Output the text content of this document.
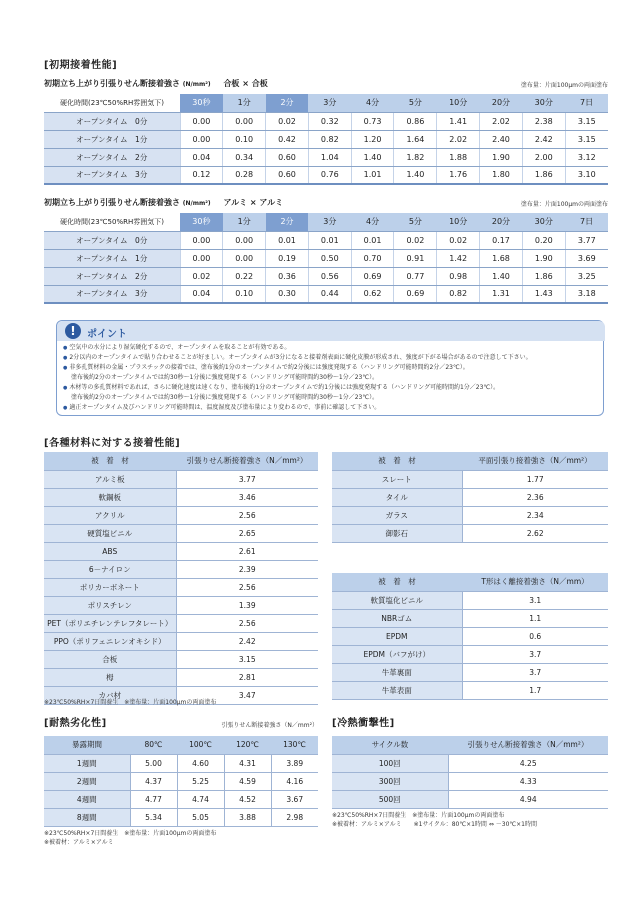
[初期接着性能]
初期立ち上がり引張りせん断接着強さ (N/mm²) 合板 × 合板	塗布量：片面100μmの両面塗布
硬化時間(23℃50%RH雰囲気下)	30秒	1分	2分	3分	4分	5分	10分	20分	30分	7日
オープンタイム　0分	0.00	0.00	0.02	0.32	0.73	0.86	1.41	2.02	2.38	3.15
オープンタイム　1分	0.00	0.10	0.42	0.82	1.20	1.64	2.02	2.40	2.42	3.15
オープンタイム　2分	0.04	0.34	0.60	1.04	1.40	1.82	1.88	1.90	2.00	3.12
オープンタイム　3分	0.12	0.28	0.60	0.76	1.01	1.40	1.76	1.80	1.86	3.10
初期立ち上がり引張りせん断接着強さ (N/mm²) アルミ × アルミ	塗布量：片面100μmの両面塗布
硬化時間(23℃50%RH雰囲気下)	30秒	1分	2分	3分	4分	5分	10分	20分	30分	7日
オープンタイム　0分	0.00	0.00	0.01	0.01	0.01	0.02	0.02	0.17	0.20	3.77
オープンタイム　1分	0.00	0.00	0.19	0.50	0.70	0.91	1.42	1.68	1.90	3.69
オープンタイム　2分	0.02	0.22	0.36	0.56	0.69	0.77	0.98	1.40	1.86	3.25
オープンタイム　3分	0.04	0.10	0.30	0.44	0.62	0.69	0.82	1.31	1.43	3.18
!	ポイント
● 空気中の水分により湿気硬化するので、オープンタイムを取ることが有効である。
● 2分以内のオープンタイムで貼り合わせることが好ましい。オープンタイムが3分になると接着剤表面に硬化皮膜が形成され、強度が下がる場合があるので注意して下さい。
● 非多孔質材料の金属・プラスチックの接着では、塗布後約1分のオープンタイムで約2分後には強度発現する（ハンドリング可能時間約2分／23℃）。
塗布後約2分のオープンタイムでは約30秒～1分後に強度発現する（ハンドリング可能時間約30秒～1分／23℃）。
● 木材等の多孔質材料であれば、さらに硬化速度は速くなり、塗布後約1分のオープンタイムで約1分後には強度発現する（ハンドリング可能時間約1分／23℃）。
塗布後約2分のオープンタイムでは約30秒～1分後に強度発現する（ハンドリング可能時間約30秒～1分／23℃）。
● 適正オープンタイム及びハンドリング可能時間は、温度湿度及び塗布量により変わるので、事前に確認して下さい。
[各種材料に対する接着性能]
被　着　材	引張りせん断接着強さ（N／mm²）
アルミ板	3.77
軟鋼板	3.46
アクリル	2.56
硬質塩ビニル	2.65
ABS	2.61
6－ナイロン	2.39
ポリカーボネート	2.56
ポリスチレン	1.39
PET（ポリエチレンテレフタレート）	2.56
PPO（ポリフェニレンオキシド）	2.42
合板	3.15
栂	2.81
カバ材	3.47
被　着　材	平面引張り接着強さ（N／mm²）
スレート	1.77
タイル	2.36
ガラス	2.34
御影石	2.62
被　着　材	T形はく離接着強さ（N／mm）
軟質塩化ビニル	3.1
NBRゴム	1.1
EPDM	0.6
EPDM（バフがけ）	3.7
牛革裏面	3.7
牛革表面	1.7
※23℃50%RH×7日間養生　※塗布量：片面100μmの両面塗布
[耐熱劣化性]	引張りせん断接着強さ（N／mm²）
暴露期間	80℃	100℃	120℃	130℃
1週間	5.00	4.60	4.31	3.89
2週間	4.37	5.25	4.59	4.16
4週間	4.77	4.74	4.52	3.67
8週間	5.34	5.05	3.88	2.98
※23℃50%RH×7日間養生　※塗布量：片面100μmの両面塗布
※被着材：アルミ×アルミ
[冷熱衝撃性]
サイクル数	引張りせん断接着強さ（N／mm²）
100回	4.25
300回	4.33
500回	4.94
※23℃50%RH×7日間養生　※塗布量：片面100μmの両面塗布
※被着材：アルミ×アルミ　　※1サイクル：80℃×1時間 ⇔ －30℃×1時間
